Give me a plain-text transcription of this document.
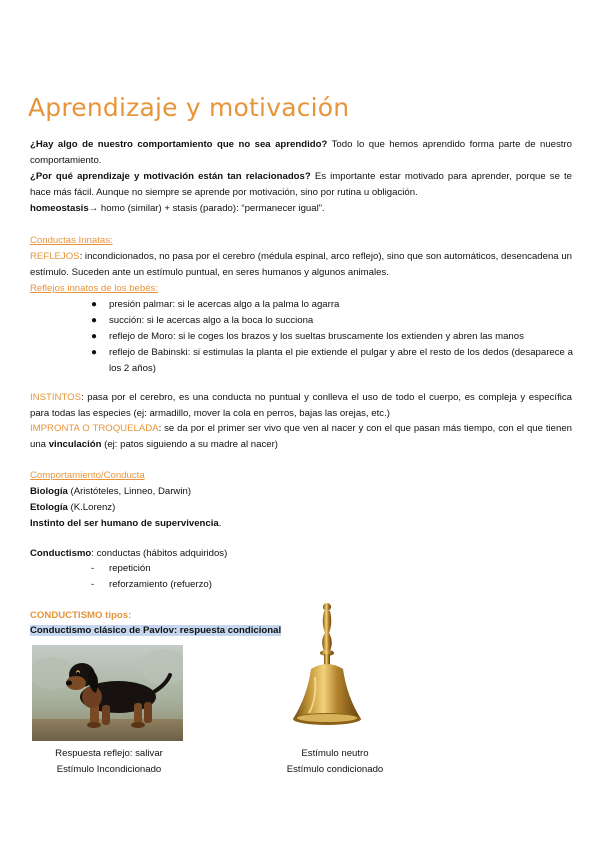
Aprendizaje y motivación
¿Hay algo de nuestro comportamiento que no sea aprendido? Todo lo que hemos aprendido forma parte de nuestro comportamiento.
¿Por qué aprendizaje y motivación están tan relacionados? Es importante estar motivado para aprender, porque se te hace más fácil. Aunque no siempre se aprende por motivación, sino por rutina u obligación.
homeostasis→ homo (similar) + stasis (parado): “permanecer igual”.
Conductas Innatas:
REFLEJOS: incondicionados, no pasa por el cerebro (médula espinal, arco reflejo), sino que son automáticos, desencadena un estímulo. Suceden ante un estímulo puntual, en seres humanos y algunos animales.
Reflejos innatos de los bebés:
● presión palmar: si le acercas algo a la palma lo agarra
● succión: si le acercas algo a la boca lo succiona
● reflejo de Moro: si le coges los brazos y los sueltas bruscamente los extienden y abren las manos
● reflejo de Babinski: si estimulas la planta el pie extiende el pulgar y abre el resto de los dedos (desaparece a los 2 años)
INSTINTOS: pasa por el cerebro, es una conducta no puntual y conlleva el uso de todo el cuerpo, es compleja y específica para todas las especies (ej: armadillo, mover la cola en perros, bajas las orejas, etc.)
IMPRONTA O TROQUELADA: se da por el primer ser vivo que ven al nacer y con el que pasan más tiempo, con el que tienen una vinculación (ej: patos siguiendo a su madre al nacer)
Comportamiento/Conducta
Biología (Aristóteles, Linneo, Darwin)
Etología (K.Lorenz)
Instinto del ser humano de supervivencia.
Conductismo: conductas (hábitos adquiridos)
- repetición
- reforzamiento (refuerzo)
CONDUCTISMO tipos:
Conductismo clásico de Pavlov: respuesta condicional
Respuesta reflejo: salivar
Estímulo Incondicionado
Estímulo neutro
Estímulo condicionado
